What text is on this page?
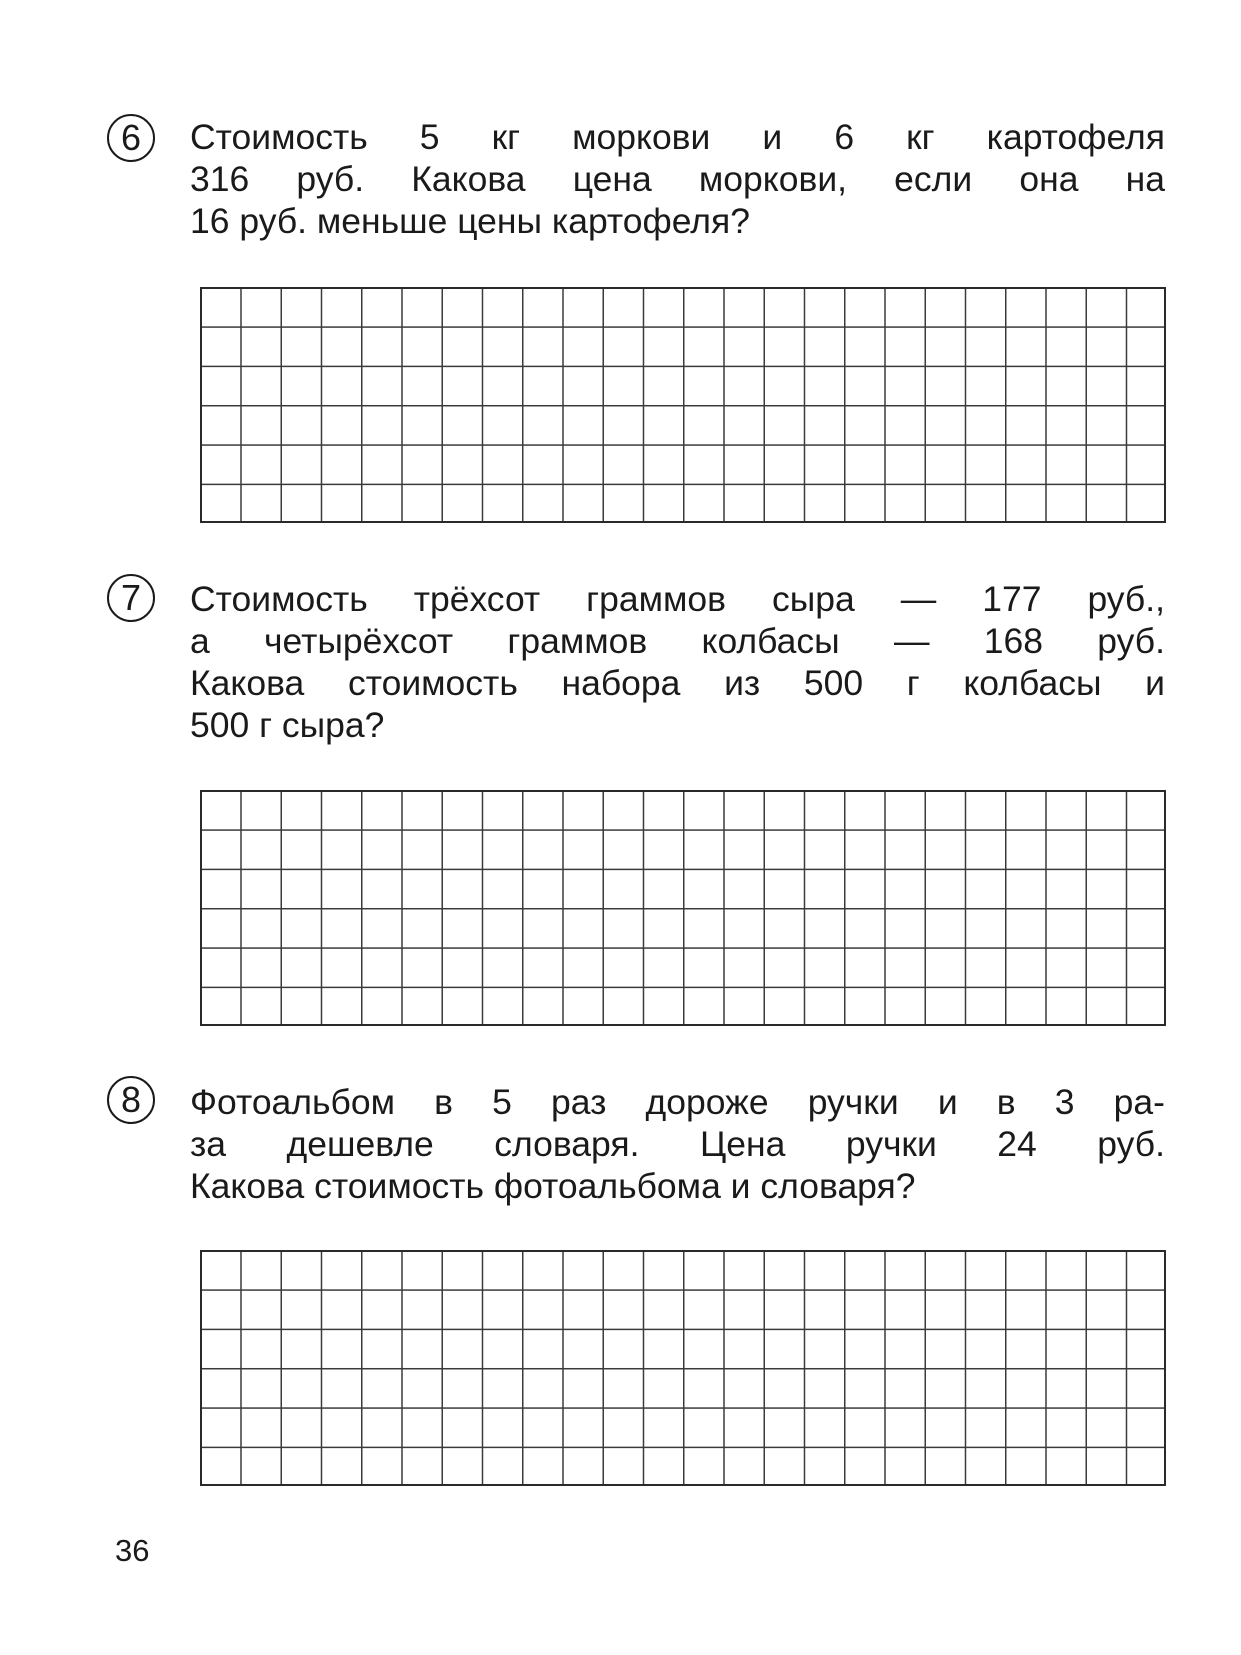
6	Стоимость 5 кг моркови и 6 кг картофеля
316 руб. Какова цена моркови, если она на
16 руб. меньше цены картофеля?

7	Стоимость трёхсот граммов сыра — 177 руб.,
а четырёхсот граммов колбасы — 168 руб.
Какова стоимость набора из 500 г колбасы и
500 г сыра?

8	Фотоальбом в 5 раз дороже ручки и в 3 ра-
за дешевле словаря. Цена ручки 24 руб.
Какова стоимость фотоальбома и словаря?

36
